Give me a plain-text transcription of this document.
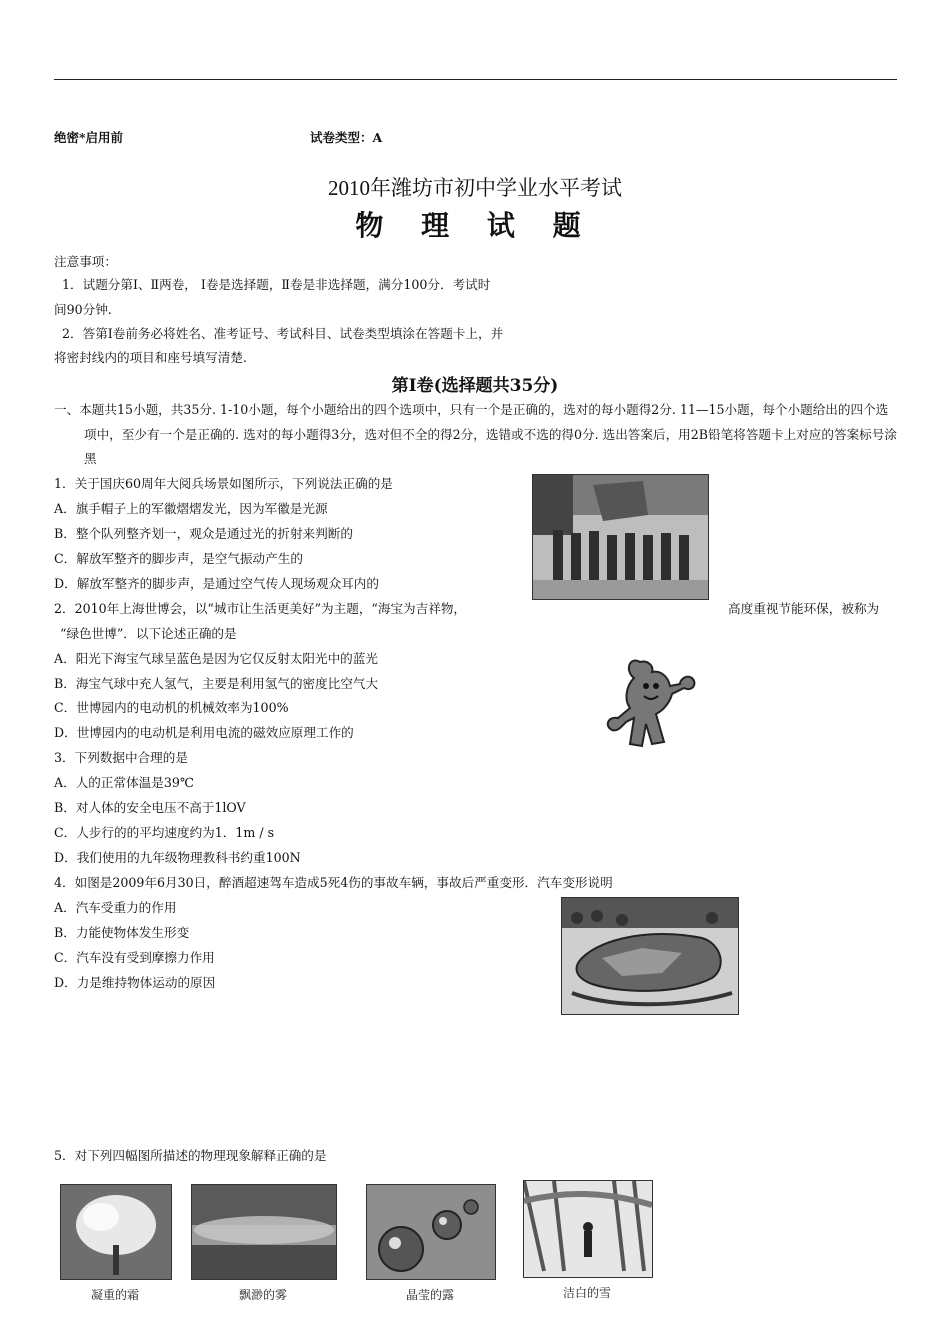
绝密*启用前	试卷类型：A
2010年潍坊市初中学业水平考试
物 理 试 题
注意事项：
1．试题分第Ⅰ、Ⅱ两卷， I卷是选择题，Ⅱ卷是非选择题，满分100分．考试时
间90分钟.
2．答第Ⅰ卷前务必将姓名、准考证号、考试科目、试卷类型填涂在答题卡上，并
将密封线内的项目和座号填写清楚.
第Ⅰ卷(选择题共35分)
一、本题共15小题，共35分. 1-10小题，每个小题给出的四个选项中，只有一个是正确的，选对的每小题得2分. 11—15小题，每个小题给出的四个选项中，至少有一个是正确的. 选对的每小题得3分，选对但不全的得2分，选错或不选的得0分. 选出答案后，用2B铅笔将答题卡上对应的答案标号涂黑
1．关于国庆60周年大阅兵场景如图所示，下列说法正确的是
A．旗手帽子上的军徽熠熠发光，因为军徽是光源
B．整个队列整齐划一，观众是通过光的折射来判断的
C．解放军整齐的脚步声，是空气振动产生的
D．解放军整齐的脚步声，是通过空气传人现场观众耳内的
2．2010年上海世博会，以“城市让生活更美好”为主题，“海宝为吉祥物，	高度重视节能环保，被称为
“绿色世博”．以下论述正确的是
A．阳光下海宝气球呈蓝色是因为它仅反射太阳光中的蓝光
B．海宝气球中充人氢气，主要是利用氢气的密度比空气大
C．世博园内的电动机的机械效率为100%
D．世博园内的电动机是利用电流的磁效应原理工作的
3．下列数据中合理的是
A．人的正常体温是39℃
B．对人体的安全电压不高于1lOV
C．人步行的的平均速度约为1．1m / s
D．我们使用的九年级物理教科书约重100N
4．如图是2009年6月30日，醉酒超速驾车造成5死4伤的事故车辆，事故后严重变形．汽车变形说明
A．汽车受重力的作用
B．力能使物体发生形变
C．汽车没有受到摩擦力作用
D．力是维持物体运动的原因
5．对下列四幅图所描述的物理现象解释正确的是
凝重的霜	飘渺的雾	晶莹的露	洁白的雪
